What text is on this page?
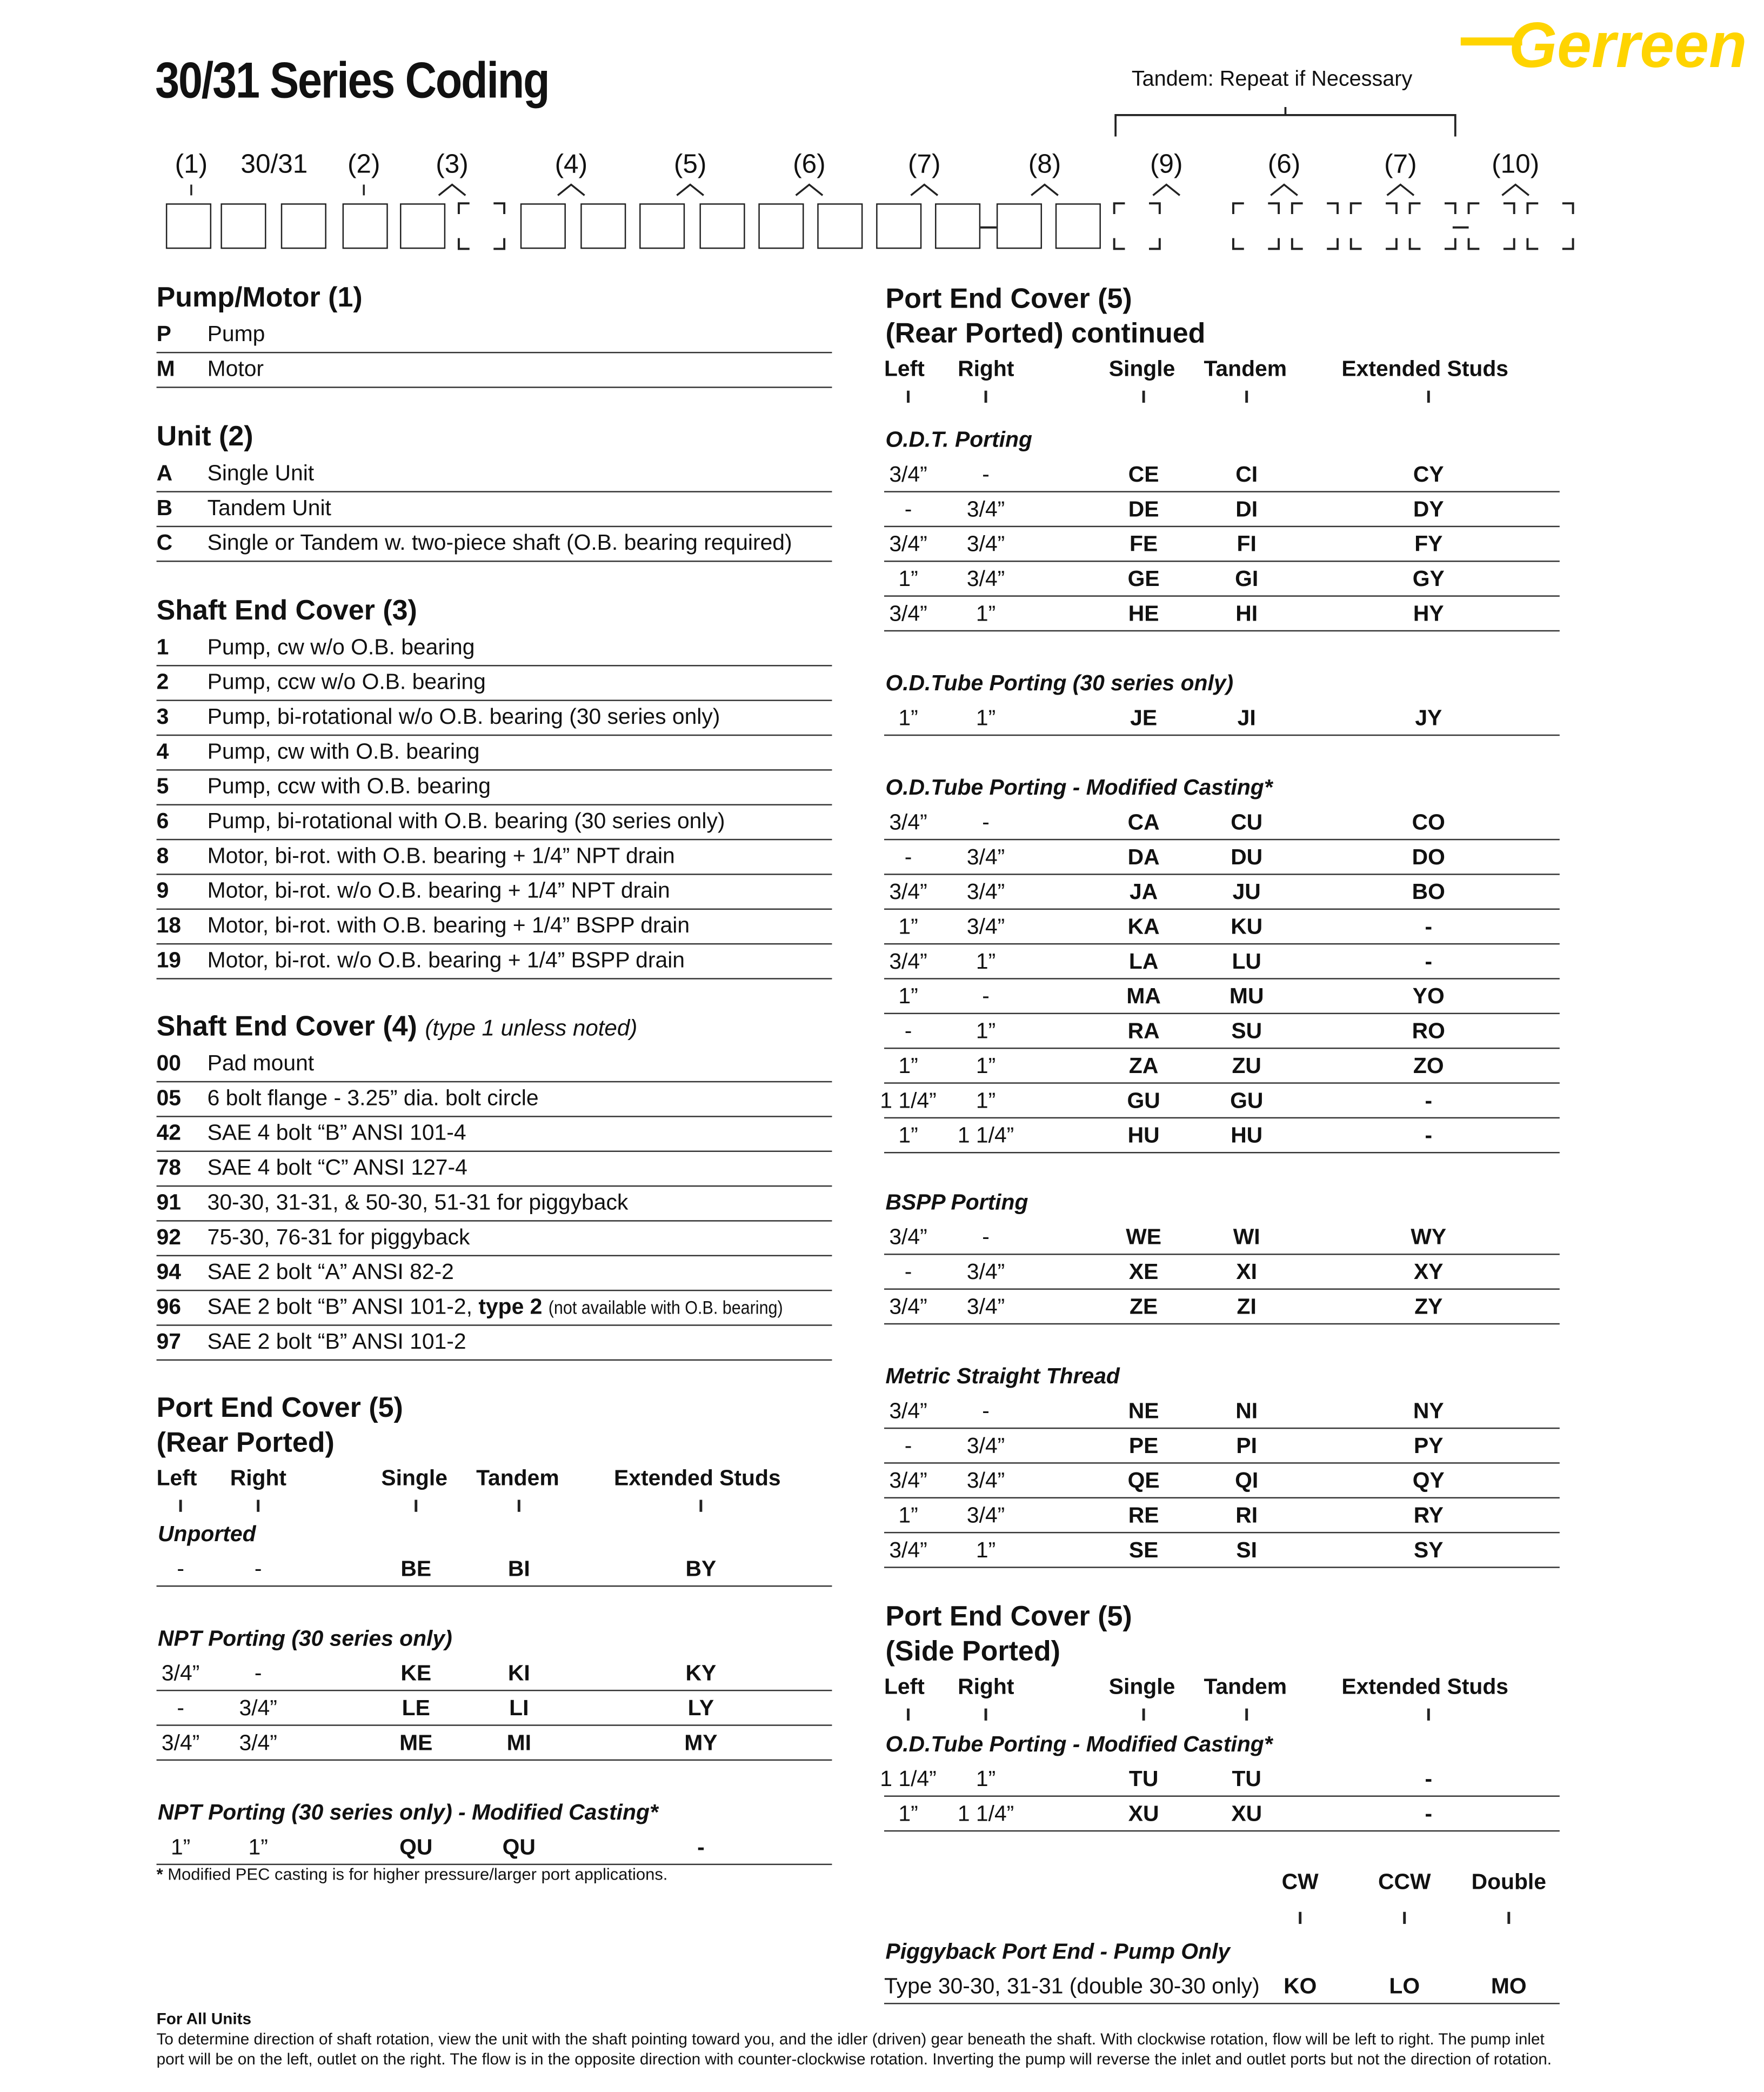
30/31 Series Coding
Gerreen
Tandem: Repeat if Necessary
(1)	30/31	(2)	(3)	(4)	(5)	(6)	(7)	(8)	(9)	(6)	(7)	(10)
Pump/Motor (1)
P	Pump
M	Motor
Unit (2)
A	Single Unit
B	Tandem Unit
C	Single or Tandem w. two-piece shaft (O.B. bearing required)
Shaft End Cover (3)
1	Pump, cw w/o O.B. bearing
2	Pump, ccw w/o O.B. bearing
3	Pump, bi-rotational w/o O.B. bearing (30 series only)
4	Pump, cw with O.B. bearing
5	Pump, ccw with O.B. bearing
6	Pump, bi-rotational with O.B. bearing (30 series only)
8	Motor, bi-rot. with O.B. bearing + 1/4” NPT drain
9	Motor, bi-rot. w/o O.B. bearing + 1/4” NPT drain
18	Motor, bi-rot. with O.B. bearing + 1/4” BSPP drain
19	Motor, bi-rot. w/o O.B. bearing + 1/4” BSPP drain
Shaft End Cover (4) (type 1 unless noted)
00	Pad mount
05	6 bolt flange - 3.25” dia. bolt circle
42	SAE 4 bolt “B” ANSI 101-4
78	SAE 4 bolt “C” ANSI 127-4
91	30-30, 31-31, & 50-30, 51-31 for piggyback
92	75-30, 76-31 for piggyback
94	SAE 2 bolt “A” ANSI 82-2
96	SAE 2 bolt “B” ANSI 101-2, type 2 (not available with O.B. bearing)
97	SAE 2 bolt “B” ANSI 101-2
Port End Cover (5)
(Rear Ported)
Left	Right	Single	Tandem	Extended Studs
Unported
-	-	BE	BI	BY
NPT Porting (30 series only)
3/4”	-	KE	KI	KY
-	3/4”	LE	LI	LY
3/4”	3/4”	ME	MI	MY
NPT Porting (30 series only) - Modified Casting*
1”	1”	QU	QU	-
* Modified PEC casting is for higher pressure/larger port applications.
Port End Cover (5)
(Rear Ported) continued
Left	Right	Single	Tandem	Extended Studs
O.D.T. Porting
3/4”	-	CE	CI	CY
-	3/4”	DE	DI	DY
3/4”	3/4”	FE	FI	FY
1”	3/4”	GE	GI	GY
3/4”	1”	HE	HI	HY
O.D.Tube Porting (30 series only)
1”	1”	JE	JI	JY
O.D.Tube Porting - Modified Casting*
3/4”	-	CA	CU	CO
-	3/4”	DA	DU	DO
3/4”	3/4”	JA	JU	BO
1”	3/4”	KA	KU	-
3/4”	1”	LA	LU	-
1”	-	MA	MU	YO
-	1”	RA	SU	RO
1”	1”	ZA	ZU	ZO
1 1/4”	1”	GU	GU	-
1”	1 1/4”	HU	HU	-
BSPP Porting
3/4”	-	WE	WI	WY
-	3/4”	XE	XI	XY
3/4”	3/4”	ZE	ZI	ZY
Metric Straight Thread
3/4”	-	NE	NI	NY
-	3/4”	PE	PI	PY
3/4”	3/4”	QE	QI	QY
1”	3/4”	RE	RI	RY
3/4”	1”	SE	SI	SY
Port End Cover (5)
(Side Ported)
Left	Right	Single	Tandem	Extended Studs
O.D.Tube Porting - Modified Casting*
1 1/4”	1”	TU	TU	-
1”	1 1/4”	XU	XU	-
CW	CCW	Double
Piggyback Port End - Pump Only
Type 30-30, 31-31 (double 30-30 only)	KO	LO	MO
For All Units
To determine direction of shaft rotation, view the unit with the shaft pointing toward you, and the idler (driven) gear beneath the shaft. With clockwise rotation, flow will be left to right. The pump inlet port will be on the left, outlet on the right. The flow is in the opposite direction with counter-clockwise rotation. Inverting the pump will reverse the inlet and outlet ports but not the direction of rotation.
